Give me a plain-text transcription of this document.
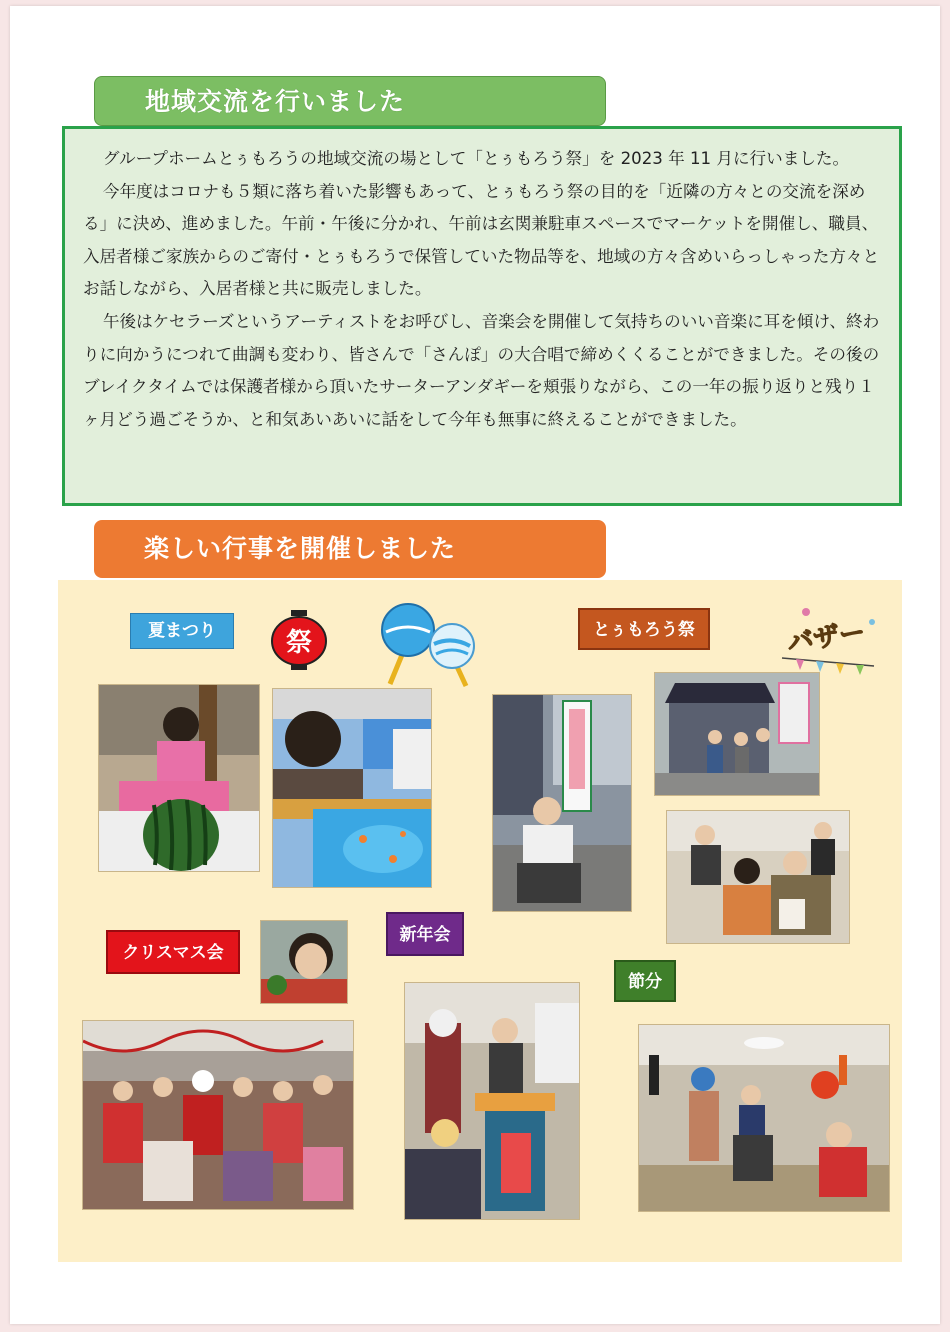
地域交流を行いました

グループホームとぅもろうの地域交流の場として「とぅもろう祭」を 2023 年 11 月に行いました。

今年度はコロナも５類に落ち着いた影響もあって、とぅもろう祭の目的を「近隣の方々との交流を深める」に決め、進めました。午前・午後に分かれ、午前は玄関兼駐車スペースでマーケットを開催し、職員、入居者様ご家族からのご寄付・とぅもろうで保管していた物品等を、地域の方々含めいらっしゃった方々とお話しながら、入居者様と共に販売しました。

午後はケセラーズというアーティストをお呼びし、音楽会を開催して気持ちのいい音楽に耳を傾け、終わりに向かうにつれて曲調も変わり、皆さんで「さんぽ」の大合唱で締めくくることができました。その後のブレイクタイムでは保護者様から頂いたサーターアンダギーを頬張りながら、この一年の振り返りと残り１ヶ月どう過ごそうか、と和気あいあいに話をして今年も無事に終えることができました。

楽しい行事を開催しました
夏まつり	とぅもろう祭
クリスマス会
新年会
節分
祭	バザー
